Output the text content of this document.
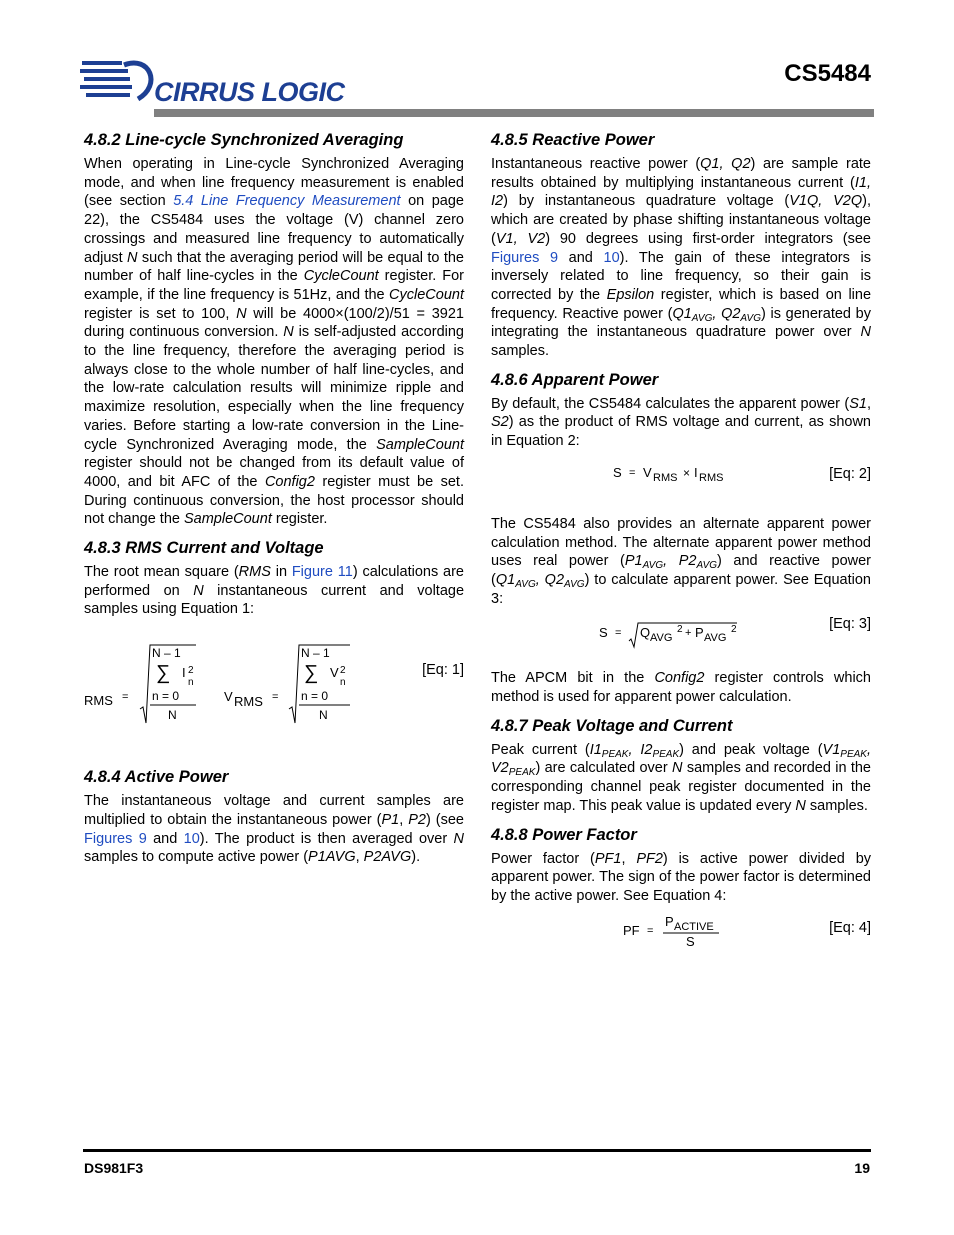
CIRRUS LOGIC
CS5484
4.8.2 Line-cycle Synchronized Averaging

When operating in Line-cycle Synchronized Averaging mode, and when line frequency measurement is enabled (see section 5.4 Line Frequency Measurement on page 22), the CS5484 uses the voltage (V) channel zero crossings and measured line frequency to automatically adjust N such that the averaging period will be equal to the number of half line-cycles in the CycleCount register. For example, if the line frequency is 51Hz, and the CycleCount register is set to 100, N will be 4000×(100/2)/51 = 3921 during continuous conversion. N is self-adjusted according to the line frequency, therefore the averaging period is always close to the whole number of half line-cycles, and the low-rate calculation results will minimize ripple and maximize resolution, especially when the line frequency varies. Before starting a low-rate conversion in the Line-cycle Synchronized Averaging mode, the SampleCount register should not be changed from its default value of 4000, and bit AFC of the Config2 register must be set. During continuous conversion, the host processor should not change the SampleCount register.

4.8.3 RMS Current and Voltage

The root mean square (RMS in Figure 11) calculations are performed on N instantaneous current and voltage samples using Equation 1:

RMS =
N – 1
∑ I 2
n
n = 0
N
V RMS =
N – 1
∑ V 2
n
n = 0
N
[Eq: 1]
4.8.4 Active Power

The instantaneous voltage and current samples are multiplied to obtain the instantaneous power (P1, P2) (see Figures 9 and 10). The product is then averaged over N samples to compute active power (P1AVG, P2AVG).

4.8.5 Reactive Power

Instantaneous reactive power (Q1, Q2) are sample rate results obtained by multiplying instantaneous current (I1, I2) by instantaneous quadrature voltage (V1Q, V2Q), which are created by phase shifting instantaneous voltage (V1, V2) 90 degrees using first-order integrators (see Figures 9 and 10). The gain of these integrators is inversely related to line frequency, so their gain is corrected by the Epsilon register, which is based on line frequency. Reactive power ($Q1_{AVG}$, $Q2_{AVG}$) is generated by integrating the instantaneous quadrature power over N samples.

4.8.6 Apparent Power

By default, the CS5484 calculates the apparent power (S1, S2) as the product of RMS voltage and current, as shown in Equation 2:

S = V RMS × I RMS	[Eq: 2]

The CS5484 also provides an alternate apparent power calculation method. The alternate apparent power method uses real power ($P1_{AVG}$, $P2_{AVG}$) and reactive power ($Q1_{AVG}$, $Q2_{AVG}$) to calculate apparent power. See Equation 3:

S = Q AVG
2 + P AVG
2	[Eq: 3]

The APCM bit in the Config2 register controls which method is used for apparent power calculation.

4.8.7 Peak Voltage and Current

Peak current ($I1_{PEAK}$, $I2_{PEAK}$) and peak voltage ($V1_{PEAK}$, $V2_{PEAK}$) are calculated over N samples and recorded in the corresponding channel peak register documented in the register map. This peak value is updated every N samples.

4.8.8 Power Factor

Power factor (PF1, PF2) is active power divided by apparent power. The sign of the power factor is determined by the active power. See Equation 4:

PF =
P ACTIVE
S
[Eq: 4]
DS981F3	19
